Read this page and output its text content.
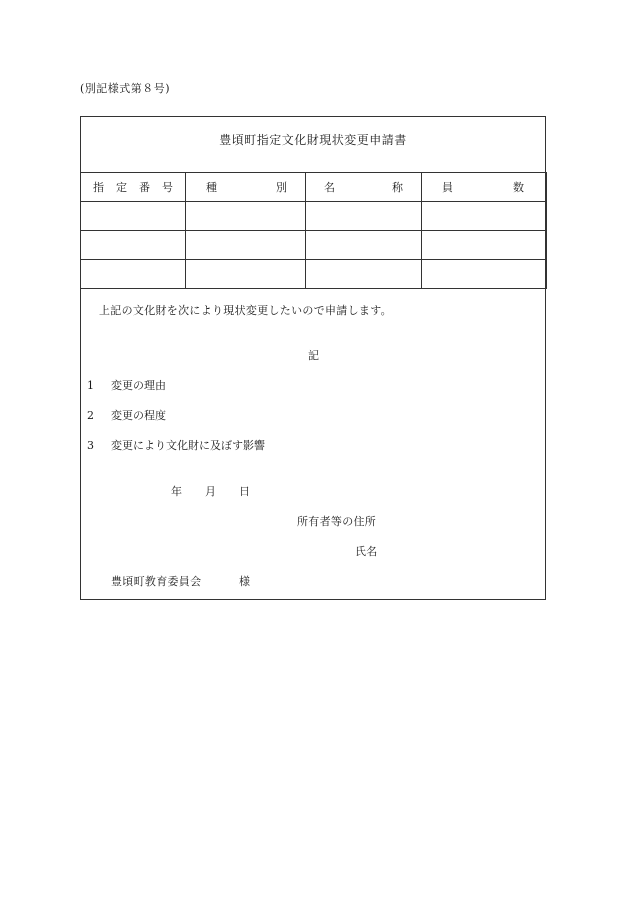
(別記様式第８号)
豊頃町指定文化財現状変更申請書
指 定 番 号	種 別	名 称	員 数

上記の文化財を次により現状変更したいので申請します。
記
1 変更の理由
2 変更の程度
3 変更により文化財に及ぼす影響
年 月 日
所有者等の住所
氏名
豊頃町教育委員会	様
